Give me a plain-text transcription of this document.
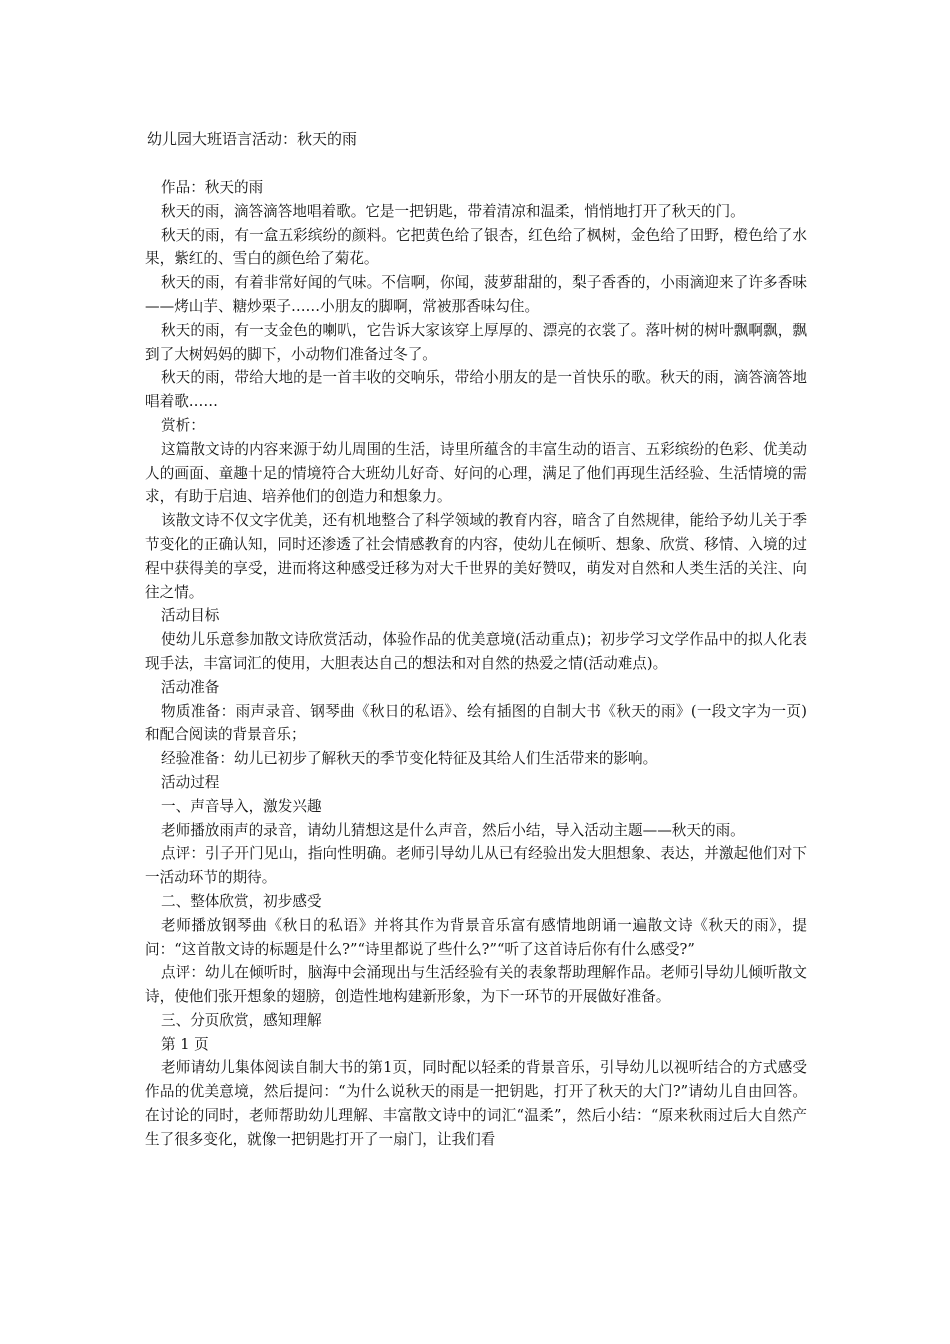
幼儿园大班语言活动：秋天的雨

作品：秋天的雨

秋天的雨，滴答滴答地唱着歌。它是一把钥匙，带着清凉和温柔，悄悄地打开了秋天的门。

秋天的雨，有一盒五彩缤纷的颜料。它把黄色给了银杏，红色给了枫树，金色给了田野，橙色给了水果，紫红的、雪白的颜色给了菊花。

秋天的雨，有着非常好闻的气味。不信啊，你闻，菠萝甜甜的，梨子香香的，小雨滴迎来了许多香味——烤山芋、糖炒栗子……小朋友的脚啊，常被那香味勾住。

秋天的雨，有一支金色的喇叭，它告诉大家该穿上厚厚的、漂亮的衣裳了。落叶树的树叶飘啊飘，飘到了大树妈妈的脚下，小动物们准备过冬了。

秋天的雨，带给大地的是一首丰收的交响乐，带给小朋友的是一首快乐的歌。秋天的雨，滴答滴答地唱着歌……

赏析：

这篇散文诗的内容来源于幼儿周围的生活，诗里所蕴含的丰富生动的语言、五彩缤纷的色彩、优美动人的画面、童趣十足的情境符合大班幼儿好奇、好问的心理，满足了他们再现生活经验、生活情境的需求，有助于启迪、培养他们的创造力和想象力。

该散文诗不仅文字优美，还有机地整合了科学领域的教育内容，暗含了自然规律，能给予幼儿关于季节变化的正确认知，同时还渗透了社会情感教育的内容，使幼儿在倾听、想象、欣赏、移情、入境的过程中获得美的享受，进而将这种感受迁移为对大千世界的美好赞叹，萌发对自然和人类生活的关注、向往之情。

活动目标

使幼儿乐意参加散文诗欣赏活动，体验作品的优美意境(活动重点)；初步学习文学作品中的拟人化表现手法，丰富词汇的使用，大胆表达自己的想法和对自然的热爱之情(活动难点)。

活动准备

物质准备：雨声录音、钢琴曲《秋日的私语》、绘有插图的自制大书《秋天的雨》(一段文字为一页)和配合阅读的背景音乐；

经验准备：幼儿已初步了解秋天的季节变化特征及其给人们生活带来的影响。

活动过程

一、声音导入，激发兴趣

老师播放雨声的录音，请幼儿猜想这是什么声音，然后小结，导入活动主题——秋天的雨。

点评：引子开门见山，指向性明确。老师引导幼儿从已有经验出发大胆想象、表达，并激起他们对下一活动环节的期待。

二、整体欣赏，初步感受

老师播放钢琴曲《秋日的私语》并将其作为背景音乐富有感情地朗诵一遍散文诗《秋天的雨》，提问：“这首散文诗的标题是什么?”“诗里都说了些什么?”“听了这首诗后你有什么感受?”

点评：幼儿在倾听时，脑海中会涌现出与生活经验有关的表象帮助理解作品。老师引导幼儿倾听散文诗，使他们张开想象的翅膀，创造性地构建新形象，为下一环节的开展做好准备。

三、分页欣赏，感知理解

第 1 页

老师请幼儿集体阅读自制大书的第1页，同时配以轻柔的背景音乐，引导幼儿以视听结合的方式感受作品的优美意境，然后提问：“为什么说秋天的雨是一把钥匙，打开了秋天的大门?”请幼儿自由回答。在讨论的同时，老师帮助幼儿理解、丰富散文诗中的词汇“温柔”，然后小结：“原来秋雨过后大自然产生了很多变化，就像一把钥匙打开了一扇门，让我们看
